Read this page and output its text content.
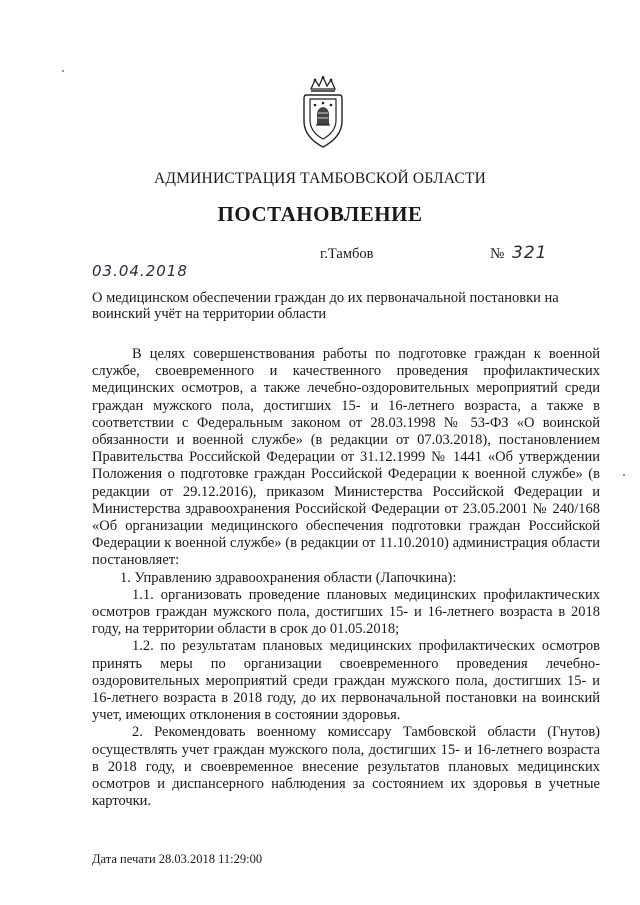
АДМИНИСТРАЦИЯ ТАМБОВСКОЙ ОБЛАСТИ
ПОСТАНОВЛЕНИЕ
г.Тамбов	№ 321
03.04.2018
О медицинском обеспечении граждан до их первоначальной постановки на воинский учёт на территории области

В целях совершенствования работы по подготовке граждан к военной службе, своевременного и качественного проведения профилактических медицинских осмотров, а также лечебно-оздоровительных мероприятий среди граждан мужского пола, достигших 15- и 16-летнего возраста, а также в соответствии с Федеральным законом от 28.03.1998 № 53-ФЗ «О воинской обязанности и военной службе» (в редакции от 07.03.2018), постановлением Правительства Российской Федерации от 31.12.1999 № 1441 «Об утверждении Положения о подготовке граждан Российской Федерации к военной службе» (в редакции от 29.12.2016), приказом Министерства Российской Федерации и Министерства здравоохранения Российской Федерации от 23.05.2001 № 240/168 «Об организации медицинского обеспечения подготовки граждан Российской Федерации к военной службе» (в редакции от 11.10.2010) администрация области постановляет:

1. Управлению здравоохранения области (Лапочкина):

1.1. организовать проведение плановых медицинских профилактических осмотров граждан мужского пола, достигших 15- и 16-летнего возраста в 2018 году, на территории области в срок до 01.05.2018;

1.2. по результатам плановых медицинских профилактических осмотров принять меры по организации своевременного проведения лечебно-оздоровительных мероприятий среди граждан мужского пола, достигших 15- и 16-летнего возраста в 2018 году, до их первоначальной постановки на воинский учет, имеющих отклонения в состоянии здоровья.

2. Рекомендовать военному комиссару Тамбовской области (Гнутов) осуществлять учет граждан мужского пола, достигших 15- и 16-летнего возраста в 2018 году, и своевременное внесение результатов плановых медицинских осмотров и диспансерного наблюдения за состоянием их здоровья в учетные карточки.

Дата печати 28.03.2018 11:29:00
